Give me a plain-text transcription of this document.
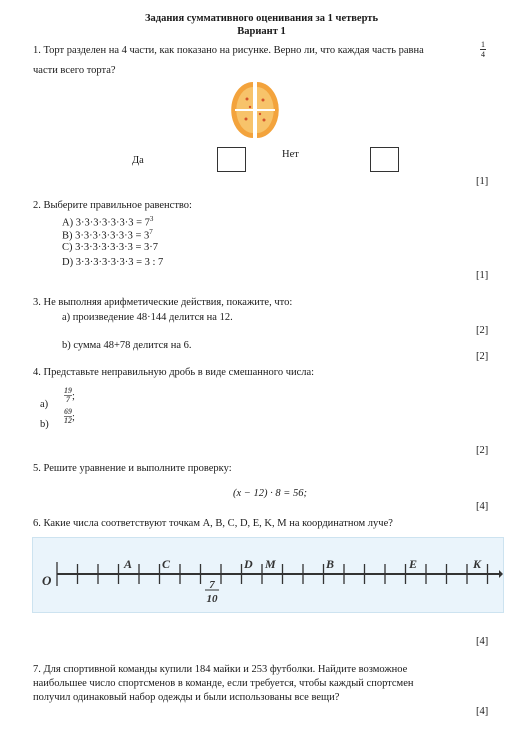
Задания суммативного оценивания за 1 четверть
Вариант 1
1. Торт разделен на 4 части, как показано на рисунке. Верно ли, что каждая часть равна	$\frac{1}{4}$
части всего торта?
Да
Нет
[1]
2. Выберите правильное равенство:
A) $3\cdot 3\cdot 3\cdot 3\cdot 3\cdot 3\cdot 3 = 7^3$
B) $3\cdot 3\cdot 3\cdot 3\cdot 3\cdot 3\cdot 3 = 3^7$
C) 3·3·3·3·3·3·3 = 3·7
D) 3·3·3·3·3·3·3 = 3 : 7
[1]
3. Не выполняя арифметические действия, покажите, что:
а) произведение 48·144 делится на 12.
[2]
b) сумма 48+78 делится на 6.
[2]
4. Представьте неправильную дробь в виде смешанного числа:
a)
$\frac{19}{7}$ ;
$b) \frac{69}{12}$ ;
[2]
5. Решите уравнение и выполните проверку:
(x − 12) · 8 = 56;
[4]
6. Какие числа соответствуют точкам A, B, C, D, E, K, M на координатном луче?
O	7
10
A C	D M	B	E	K
[4]
7. Для спортивной команды купили 184 майки и 253 футболки. Найдите возможное
наибольшее число спортсменов в команде, если требуется, чтобы каждый спортсмен
получил одинаковый набор одежды и были использованы все вещи?
[4]
